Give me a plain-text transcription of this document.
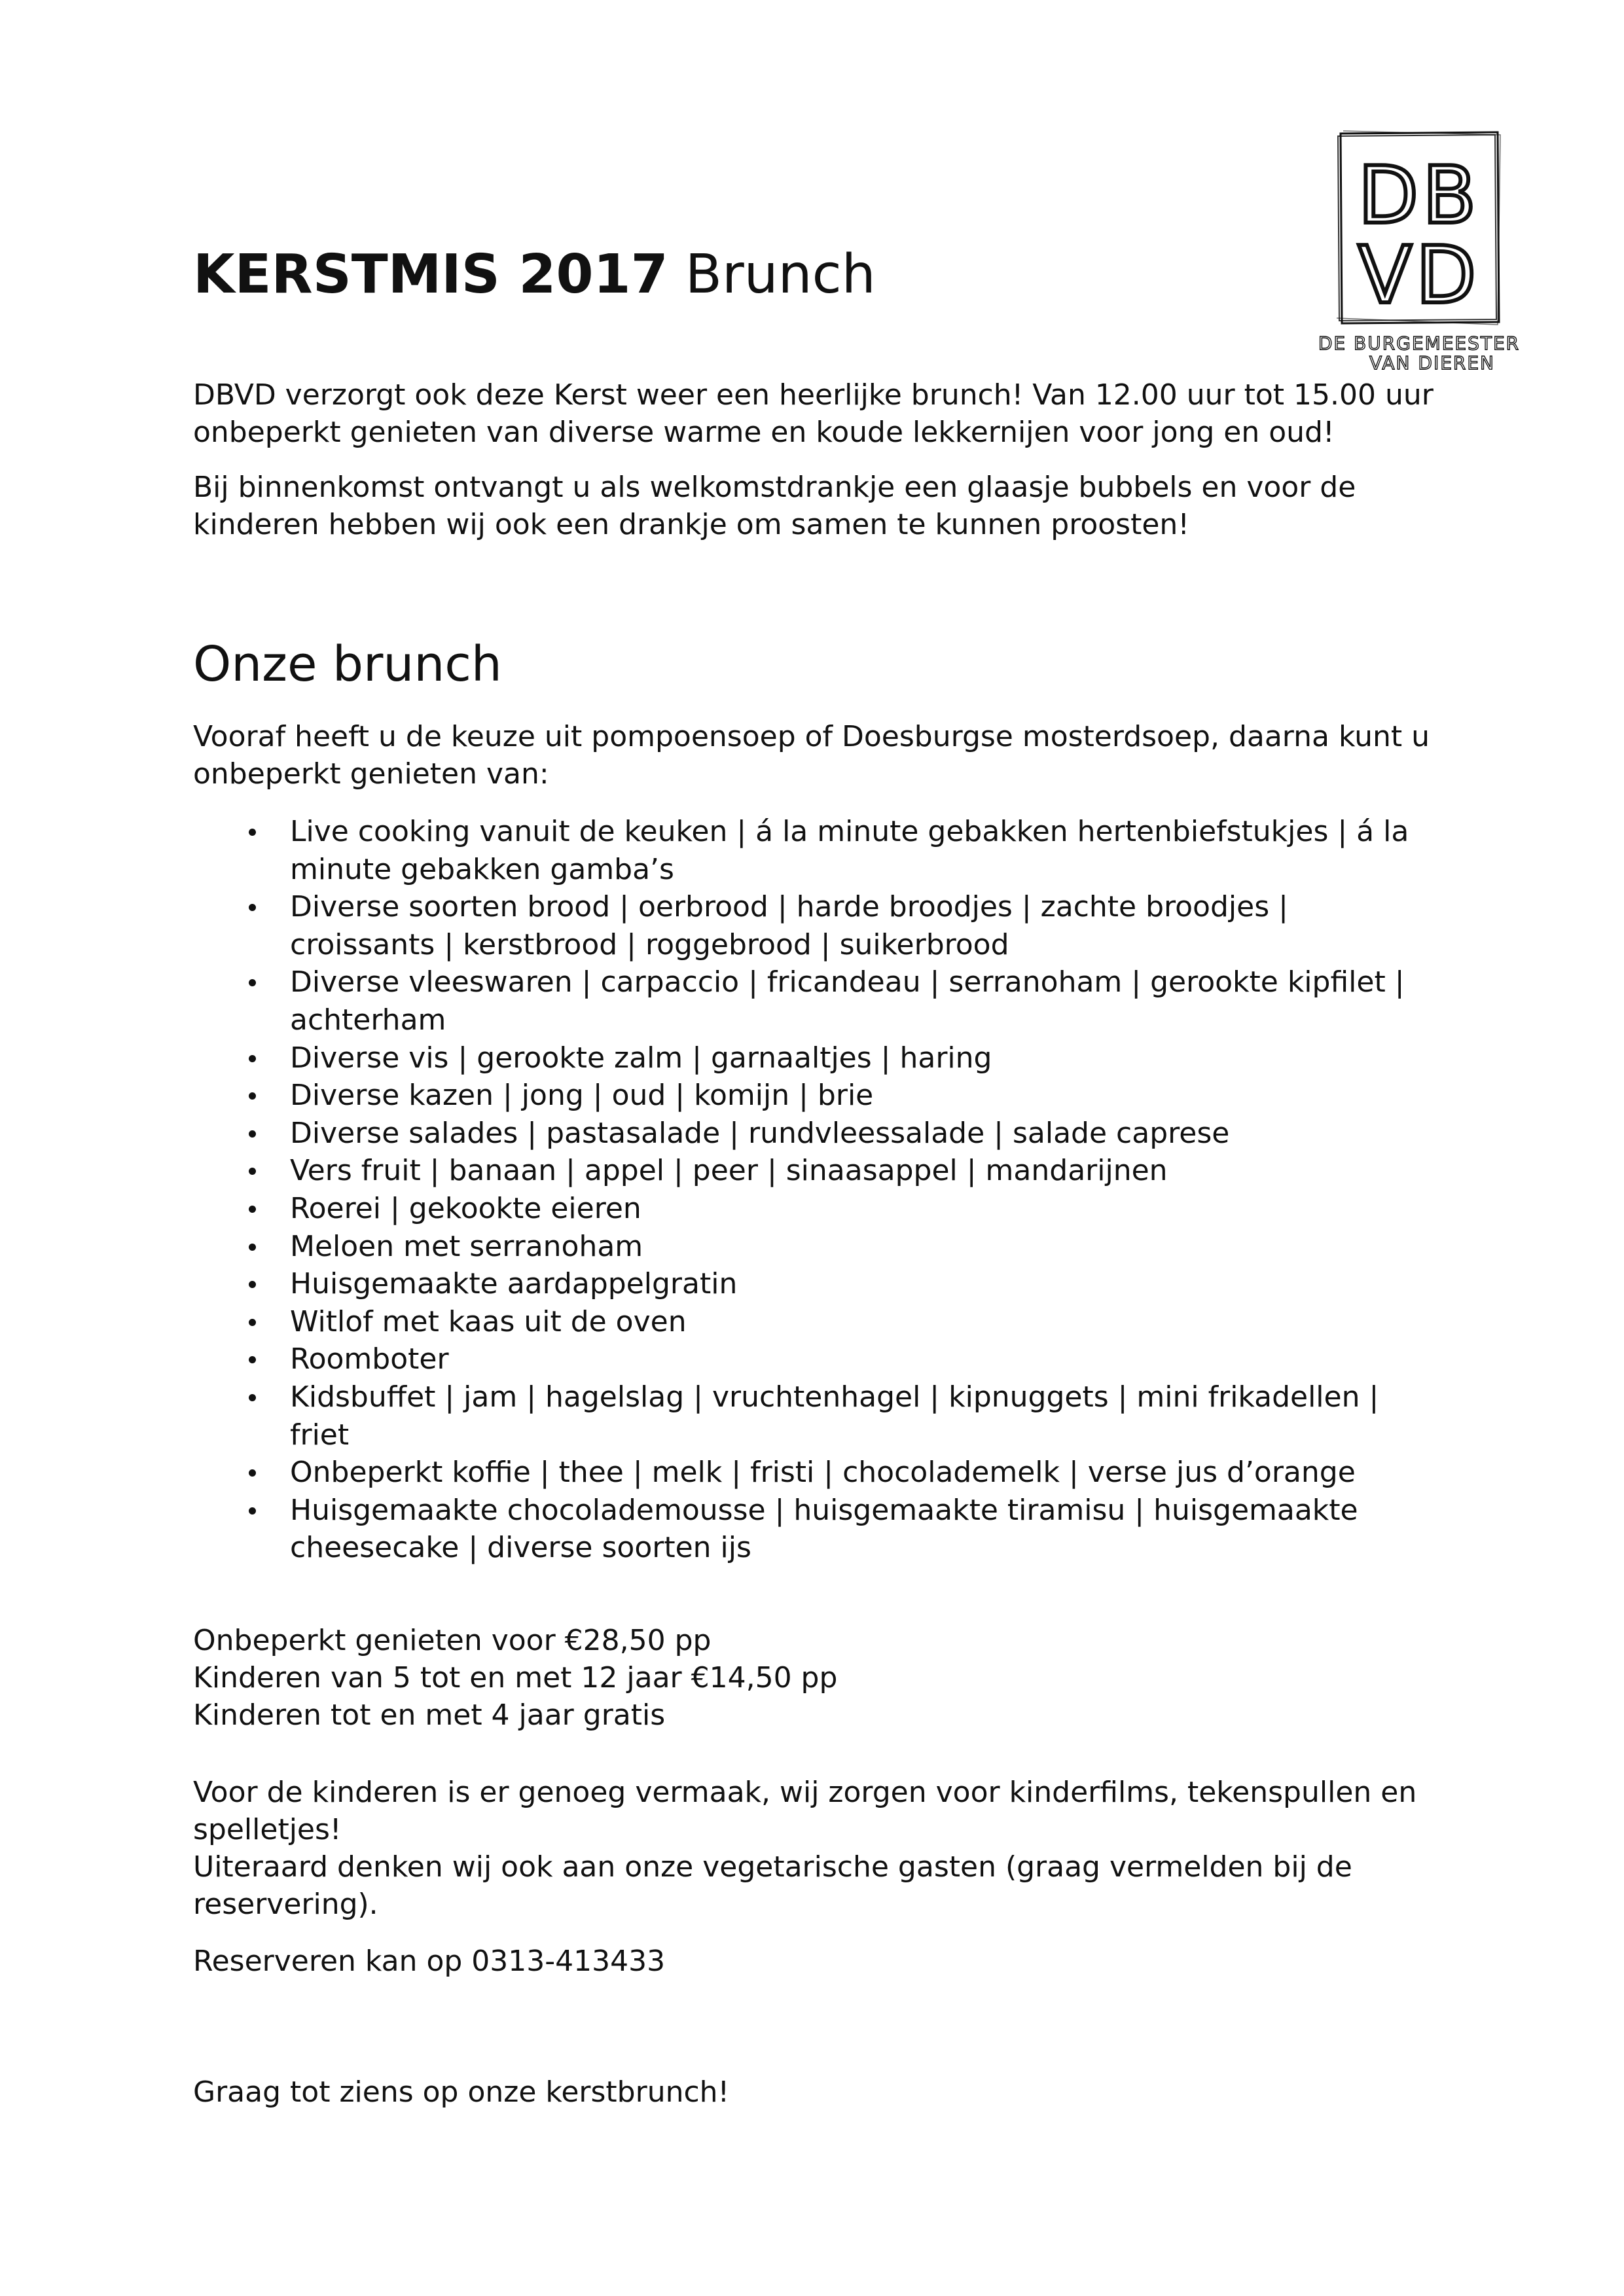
DB
VD
DE BURGEMEESTER
VAN DIEREN
KERSTMIS 2017 Brunch
DBVD verzorgt ook deze Kerst weer een heerlijke brunch! Van 12.00 uur tot 15.00 uur
onbeperkt genieten van diverse warme en koude lekkernijen voor jong en oud!
Bij binnenkomst ontvangt u als welkomstdrankje een glaasje bubbels en voor de
kinderen hebben wij ook een drankje om samen te kunnen proosten!
Onze brunch
Vooraf heeft u de keuze uit pompoensoep of Doesburgse mosterdsoep, daarna kunt u
onbeperkt genieten van:
Live cooking vanuit de keuken | á la minute gebakken hertenbiefstukjes | á la
minute gebakken gamba’s
Diverse soorten brood | oerbrood | harde broodjes | zachte broodjes |
croissants | kerstbrood | roggebrood | suikerbrood
Diverse vleeswaren | carpaccio | fricandeau | serranoham | gerookte kipfilet |
achterham
Diverse vis | gerookte zalm | garnaaltjes | haring
Diverse kazen | jong | oud | komijn | brie
Diverse salades | pastasalade | rundvleessalade | salade caprese
Vers fruit | banaan | appel | peer | sinaasappel | mandarijnen
Roerei | gekookte eieren
Meloen met serranoham
Huisgemaakte aardappelgratin
Witlof met kaas uit de oven
Roomboter
Kidsbuffet | jam | hagelslag | vruchtenhagel | kipnuggets | mini frikadellen |
friet
Onbeperkt koffie | thee | melk | fristi | chocolademelk | verse jus d’orange
Huisgemaakte chocolademousse | huisgemaakte tiramisu | huisgemaakte
cheesecake | diverse soorten ijs
Onbeperkt genieten voor €28,50 pp
Kinderen van 5 tot en met 12 jaar €14,50 pp
Kinderen tot en met 4 jaar gratis
Voor de kinderen is er genoeg vermaak, wij zorgen voor kinderfilms, tekenspullen en
spelletjes!
Uiteraard denken wij ook aan onze vegetarische gasten (graag vermelden bij de
reservering).
Reserveren kan op 0313-413433
Graag tot ziens op onze kerstbrunch!
